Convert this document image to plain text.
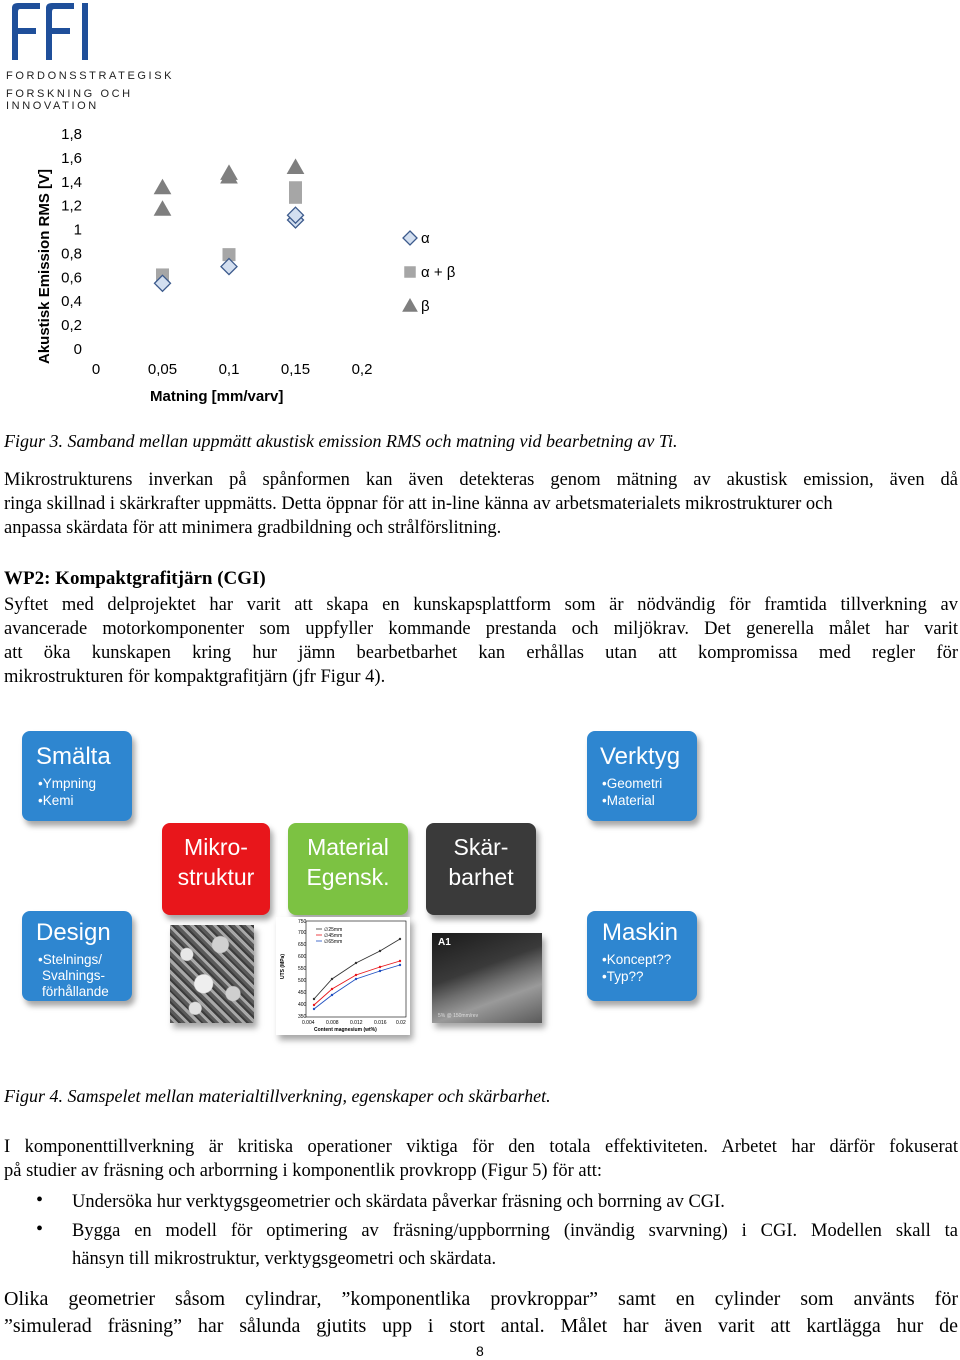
FORDONSSTRATEGISK
FORSKNING OCH INNOVATION
Akustisk Emission RMS [V] 0
0,2
0,4
0,6
0,8
1
1,2
1,4
1,6
1,8
0	0,05	0,1	0,15	0,2
Matning [mm/varv]
α
α + β
β
Figur 3. Samband mellan uppmätt akustisk emission RMS och matning vid bearbetning av Ti.
Mikrostrukturens inverkan på spånformen kan även detekteras genom mätning av akustisk emission, även då
ringa skillnad i skärkrafter uppmätts. Detta öppnar för att in-line känna av arbetsmaterialets mikrostrukturer och
anpassa skärdata för att minimera gradbildning och strålförslitning.
WP2: Kompaktgrafitjärn (CGI)
Syftet med delprojektet har varit att skapa en kunskapsplattform som är nödvändig för framtida tillverkning av
avancerade motorkomponenter som uppfyller kommande prestanda och miljökrav. Det generella målet har varit
att öka kunskapen kring hur jämn bearbetbarhet kan erhållas utan att kompromissa med regler för
mikrostrukturen för kompaktgrafitjärn (jfr Figur 4).
Smälta
•Ympning
•Kemi
Verktyg
•Geometri
•Material
Mikro-
struktur
Material
Egensk.
Skär-
barhet
Design
•Stelnings/
Svalnings-
förhållande
350
400
450
500
550
600
650
700
750
0.004 0.008 0.012 0.016 0.02
Content magnesium (wt%)
UTS (MPa)
∅25mm
∅45mm
∅65mm	A1
5% @ 150mm/rev
Maskin
•Koncept??
•Typ??
Figur 4. Samspelet mellan materialtillverkning, egenskaper och skärbarhet.
I komponenttillverkning är kritiska operationer viktiga för den totala effektiviteten. Arbetet har därför fokuserat
på studier av fräsning och arborrning i komponentlik provkropp (Figur 5) för att:
• Undersöka hur verktygsgeometrier och skärdata påverkar fräsning och borrning av CGI.
• Bygga en modell för optimering av fräsning/uppborrning (invändig svarvning) i CGI. Modellen skall ta
hänsyn till mikrostruktur, verktygsgeometri och skärdata.
Olika geometrier såsom cylindrar, ”komponentlika provkroppar” samt en cylinder som använts för
”simulerad fräsning” har sålunda gjutits upp i stort antal. Målet har även varit att kartlägga hur de
8
